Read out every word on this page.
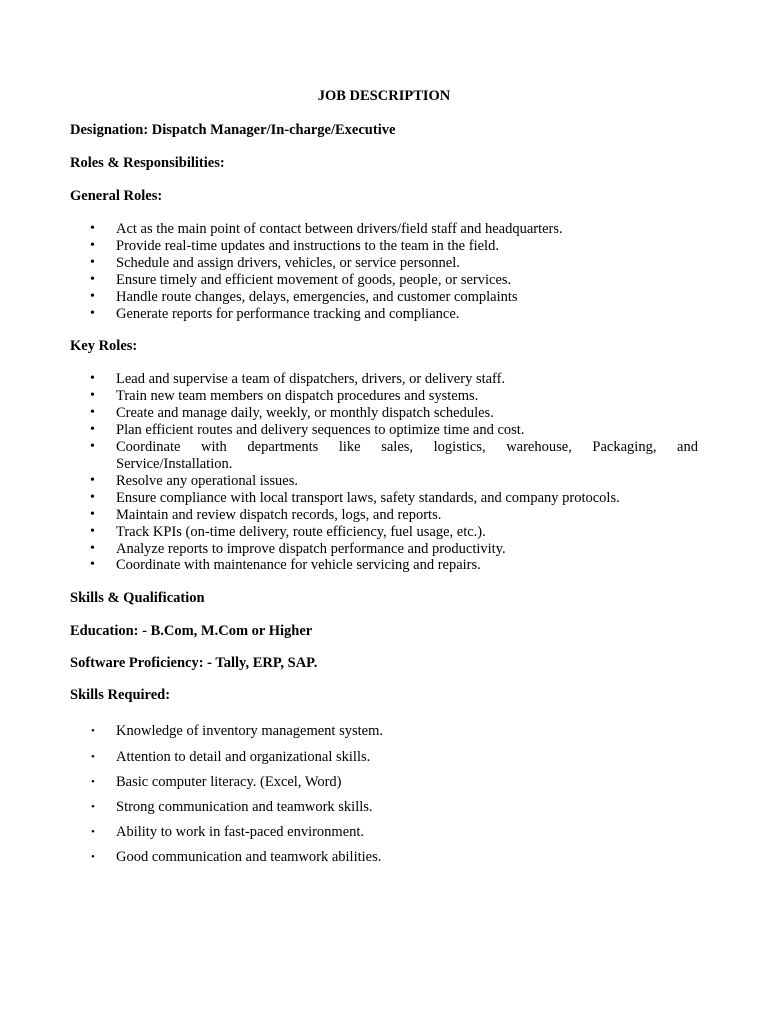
JOB DESCRIPTION
Designation: Dispatch Manager/In-charge/Executive
Roles & Responsibilities:
General Roles:
• Act as the main point of contact between drivers/field staff and headquarters.
• Provide real-time updates and instructions to the team in the field.
• Schedule and assign drivers, vehicles, or service personnel.
• Ensure timely and efficient movement of goods, people, or services.
• Handle route changes, delays, emergencies, and customer complaints
• Generate reports for performance tracking and compliance.
Key Roles:
• Lead and supervise a team of dispatchers, drivers, or delivery staff.
• Train new team members on dispatch procedures and systems.
• Create and manage daily, weekly, or monthly dispatch schedules.
• Plan efficient routes and delivery sequences to optimize time and cost.
• Coordinate with departments like sales, logistics, warehouse, Packaging, and
Service/Installation.
• Resolve any operational issues.
• Ensure compliance with local transport laws, safety standards, and company protocols.
• Maintain and review dispatch records, logs, and reports.
• Track KPIs (on-time delivery, route efficiency, fuel usage, etc.).
• Analyze reports to improve dispatch performance and productivity.
• Coordinate with maintenance for vehicle servicing and repairs.
Skills & Qualification
Education: - B.Com, M.Com or Higher
Software Proficiency: - Tally, ERP, SAP.
Skills Required:
• Knowledge of inventory management system.
• Attention to detail and organizational skills.
• Basic computer literacy. (Excel, Word)
• Strong communication and teamwork skills.
• Ability to work in fast-paced environment.
• Good communication and teamwork abilities.
